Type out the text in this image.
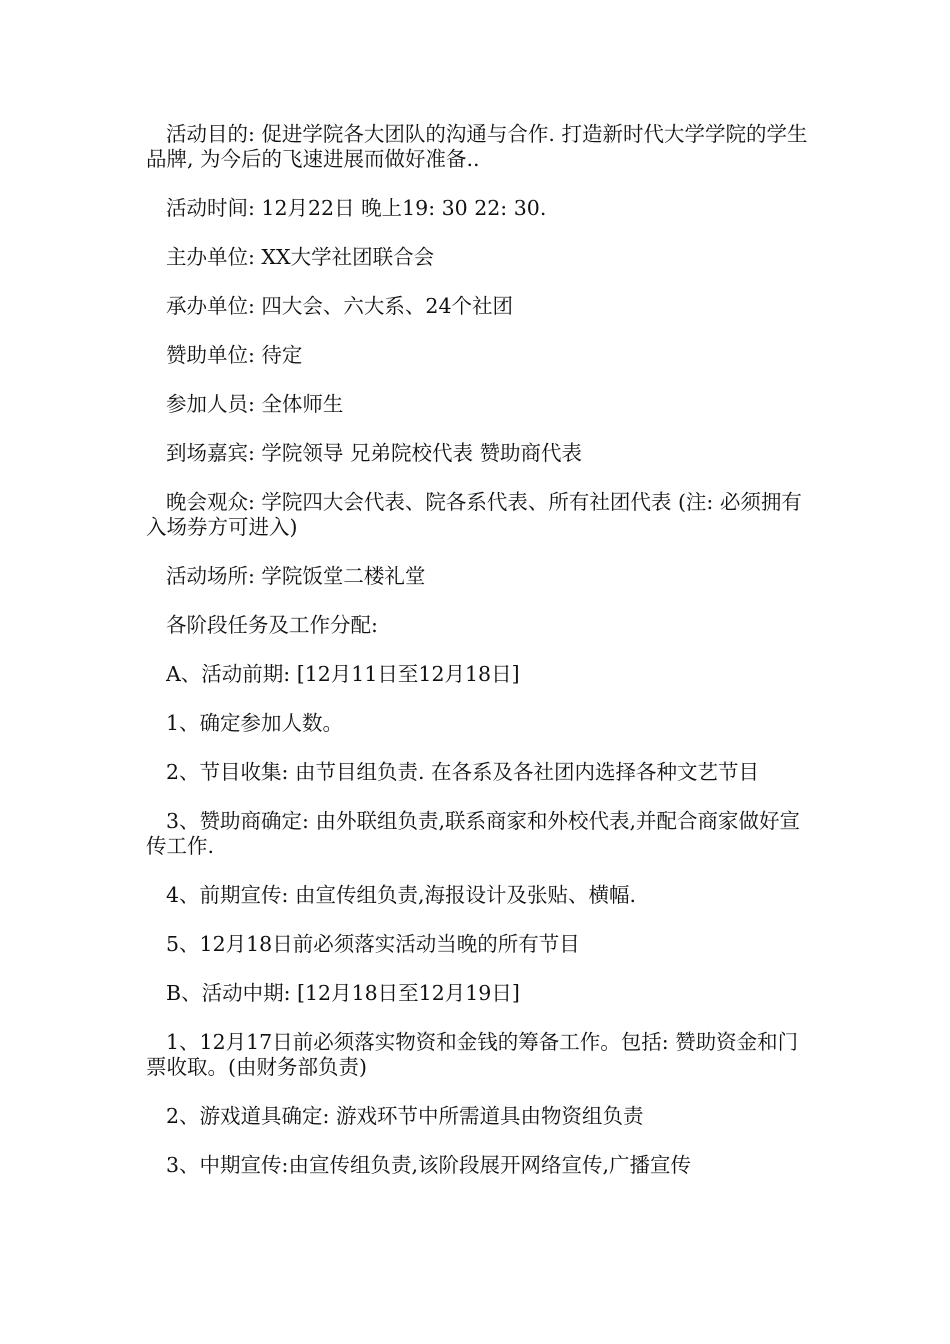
活动目的: 促进学院各大团队的沟通与合作. 打造新时代大学学院的学生品牌, 为今后的飞速进展而做好准备..

活动时间: 12月22日 晚上19: 30 22: 30.

主办单位: XX大学社团联合会

承办单位: 四大会、六大系、24个社团

赞助单位: 待定

参加人员: 全体师生

到场嘉宾: 学院领导 兄弟院校代表 赞助商代表

晚会观众: 学院四大会代表、院各系代表、所有社团代表 (注: 必须拥有入场券方可进入)

活动场所: 学院饭堂二楼礼堂

各阶段任务及工作分配:

A、活动前期: [12月11日至12月18日]

1、确定参加人数。

2、节目收集: 由节目组负责. 在各系及各社团内选择各种文艺节目

3、赞助商确定: 由外联组负责,联系商家和外校代表,并配合商家做好宣传工作.

4、前期宣传: 由宣传组负责,海报设计及张贴、横幅.

5、12月18日前必须落实活动当晚的所有节目

B、活动中期: [12月18日至12月19日]

1、12月17日前必须落实物资和金钱的筹备工作。包括: 赞助资金和门票收取。(由财务部负责)

2、游戏道具确定: 游戏环节中所需道具由物资组负责

3、中期宣传:由宣传组负责,该阶段展开网络宣传,广播宣传
